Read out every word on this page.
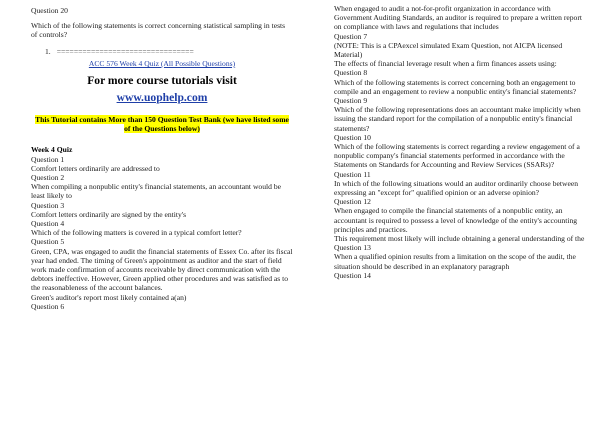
Question 20

Which of the following statements is correct concerning statistical sampling in tests of controls?

1. ================================

ACC 576 Week 4 Quiz (All Possible Questions)

For more course tutorials visit

www.uophelp.com

This Tutorial contains More than 150 Question Test Bank (we have listed some of the Questions below)

Week 4 Quiz

Question 1

Comfort letters ordinarily are addressed to

Question 2

When compiling a nonpublic entity's financial statements, an accountant would be least likely to

Question 3

Comfort letters ordinarily are signed by the entity's

Question 4

Which of the following matters is covered in a typical comfort letter?

Question 5

Green, CPA, was engaged to audit the financial statements of Essex Co. after its fiscal year had ended. The timing of Green's appointment as auditor and the start of field work made confirmation of accounts receivable by direct communication with the debtors ineffective. However, Green applied other procedures and was satisfied as to the reasonableness of the account balances.

Green's auditor's report most likely contained a(an)

Question 6

When engaged to audit a not-for-profit organization in accordance with Government Auditing Standards, an auditor is required to prepare a written report on compliance with laws and regulations that includes

Question 7

(NOTE: This is a CPAexcel simulated Exam Question, not AICPA licensed Material)

The effects of financial leverage result when a firm finances assets using:

Question 8

Which of the following statements is correct concerning both an engagement to compile and an engagement to review a nonpublic entity's financial statements?

Question 9

Which of the following representations does an accountant make implicitly when issuing the standard report for the compilation of a nonpublic entity's financial statements?

Question 10

Which of the following statements is correct regarding a review engagement of a nonpublic company's financial statements performed in accordance with the Statements on Standards for Accounting and Review Services (SSARs)?

Question 11

In which of the following situations would an auditor ordinarily choose between expressing an "except for" qualified opinion or an adverse opinion?

Question 12

When engaged to compile the financial statements of a nonpublic entity, an accountant is required to possess a level of knowledge of the entity's accounting principles and practices.

This requirement most likely will include obtaining a general understanding of the

Question 13

When a qualified opinion results from a limitation on the scope of the audit, the situation should be described in an explanatory paragraph

Question 14
